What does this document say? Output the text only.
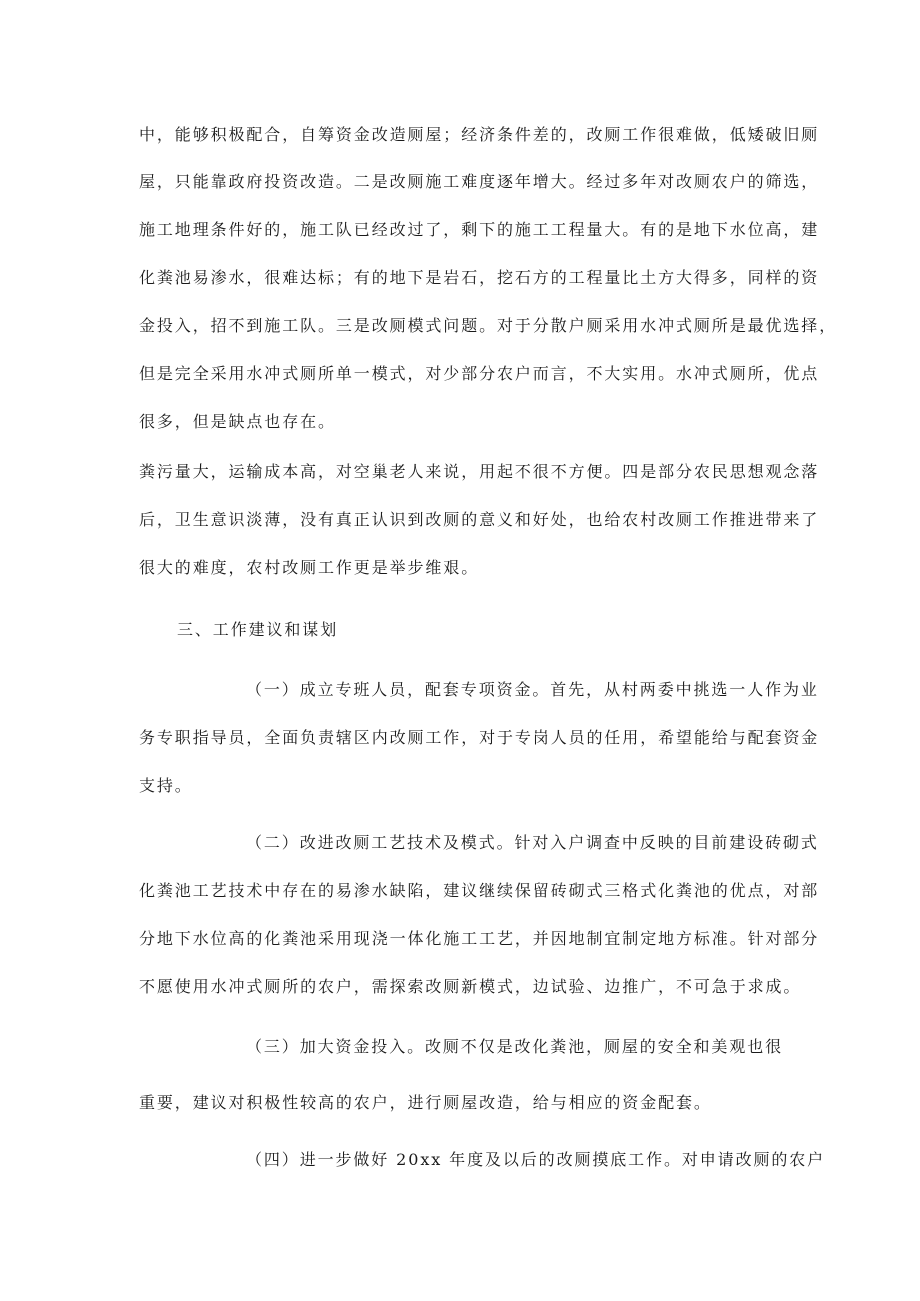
中，能够积极配合，自筹资金改造厕屋；经济条件差的，改厕工作很难做，低矮破旧厕
屋，只能靠政府投资改造。二是改厕施工难度逐年增大。经过多年对改厕农户的筛选，
施工地理条件好的，施工队已经改过了，剩下的施工工程量大。有的是地下水位高，建
化粪池易渗水，很难达标；有的地下是岩石，挖石方的工程量比土方大得多，同样的资
金投入，招不到施工队。三是改厕模式问题。对于分散户厕采用水冲式厕所是最优选择，
但是完全采用水冲式厕所单一模式，对少部分农户而言，不大实用。水冲式厕所，优点
很多，但是缺点也存在。
粪污量大，运输成本高，对空巢老人来说，用起不很不方便。四是部分农民思想观念落
后，卫生意识淡薄，没有真正认识到改厕的意义和好处，也给农村改厕工作推进带来了
很大的难度，农村改厕工作更是举步维艰。
三、工作建议和谋划
（一）成立专班人员，配套专项资金。首先，从村两委中挑选一人作为业
务专职指导员，全面负责辖区内改厕工作，对于专岗人员的任用，希望能给与配套资金
支持。
（二）改进改厕工艺技术及模式。针对入户调查中反映的目前建设砖砌式
化粪池工艺技术中存在的易渗水缺陷，建议继续保留砖砌式三格式化粪池的优点，对部
分地下水位高的化粪池采用现浇一体化施工工艺，并因地制宜制定地方标准。针对部分
不愿使用水冲式厕所的农户，需探索改厕新模式，边试验、边推广，不可急于求成。
（三）加大资金投入。改厕不仅是改化粪池，厕屋的安全和美观也很
重要，建议对积极性较高的农户，进行厕屋改造，给与相应的资金配套。
（四）进一步做好 20xx 年度及以后的改厕摸底工作。对申请改厕的农户
